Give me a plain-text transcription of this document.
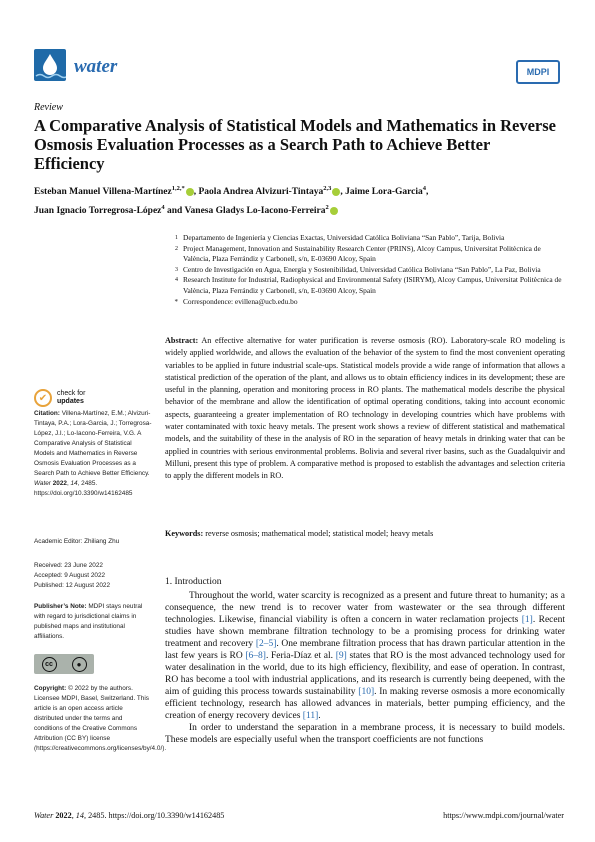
water	MDPI
Review
A Comparative Analysis of Statistical Models and Mathematics in Reverse Osmosis Evaluation Processes as a Search Path to Achieve Better Efficiency
Esteban Manuel Villena-Martínez$^{1,2,*}$ , Paola Andrea Alvizuri-Tintaya$^{2,3}$ , Jaime Lora-Garcia$^4$,
Juan Ignacio Torregrosa-López$^4$ and Vanesa Gladys Lo-Iacono-Ferreira$^2$
1 Departamento de Ingeniería y Ciencias Exactas, Universidad Católica Boliviana “San Pablo”, Tarija, Bolivia
2 Project Management, Innovation and Sustainability Research Center (PRINS), Alcoy Campus, Universitat Politècnica de València, Plaza Ferrándiz y Carbonell, s/n, E-03690 Alcoy, Spain
3 Centro de Investigación en Agua, Energía y Sostenibilidad, Universidad Católica Boliviana “San Pablo”, La Paz, Bolivia
4 Research Institute for Industrial, Radiophysical and Environmental Safety (ISIRYM), Alcoy Campus, Universitat Politècnica de València, Plaza Ferrándiz y Carbonell, s/n, E-03690 Alcoy, Spain
* Correspondence: evillena@ucb.edu.bo
Abstract: An effective alternative for water purification is reverse osmosis (RO). Laboratory-scale RO modeling is widely applied worldwide, and allows the evaluation of the behavior of the system to find the most convenient operating variables to be applied in future industrial scale-ups. Statistical models provide a wide range of information that allows a statistical prediction of the operation of the plant, and allows us to obtain efficiency indices in its development; these are useful in the planning, operation and monitoring process in RO plants. The mathematical models describe the physical behavior of the membrane and allow the identification of optimal operating conditions, taking into account economic aspects, guaranteeing a greater implementation of RO technology in developing countries which have problems with water contaminated with toxic heavy metals. The present work shows a review of different statistical and mathematical models, and the suitability of these in the analysis of RO in the separation of heavy metals in drinking water that can be applied in countries with serious environmental problems. Bolivia and several river basins, such as the Guadalquivir and Milluni, present this type of problem. A comparative method is proposed to establish the advantages and selection criteria to apply the different models in RO.
Keywords: reverse osmosis; mathematical model; statistical model; heavy metals
✔	check for
updates
Citation: Villena-Martínez, E.M.; Alvizuri-Tintaya, P.A.; Lora-Garcia, J.; Torregrosa-López, J.I.; Lo-Iacono-Ferreira, V.G. A Comparative Analysis of Statistical Models and Mathematics in Reverse Osmosis Evaluation Processes as a Search Path to Achieve Better Efficiency. Water 2022, 14, 2485. https://doi.org/10.3390/w14162485
Academic Editor: Zhiliang Zhu
Received: 23 June 2022
Accepted: 9 August 2022
Published: 12 August 2022
Publisher’s Note: MDPI stays neutral with regard to jurisdictional claims in published maps and institutional affiliations.
cc	●
Copyright: © 2022 by the authors. Licensee MDPI, Basel, Switzerland. This article is an open access article distributed under the terms and conditions of the Creative Commons Attribution (CC BY) license (https://creativecommons.org/licenses/by/4.0/).
1. Introduction

Throughout the world, water scarcity is recognized as a present and future threat to humanity; as a consequence, the new trend is to recover water from wastewater or the sea through different technologies. Likewise, financial viability is often a concern in water reclamation projects [1]. Recent studies have shown membrane filtration technology to be a promising process for drinking water treatment and recovery [2–5]. One membrane filtration process that has drawn particular attention in the last few years is RO [6–8]. Feria-Díaz et al. [9] states that RO is the most advanced technology used for water desalination in the world, due to its high efficiency, flexibility, and ease of operation. In contrast, RO has become a tool with industrial applications, and its research is currently being deepened, with the aim of guiding this process towards sustainability [10]. In making reverse osmosis a more economically efficient technology, research has allowed advances in materials, better pumping efficiency, and the creation of energy recovery devices [11].

In order to understand the separation in a membrane process, it is necessary to build models. These models are especially useful when the transport coefficients are not functions

Water 2022, 14, 2485. https://doi.org/10.3390/w14162485	https://www.mdpi.com/journal/water
